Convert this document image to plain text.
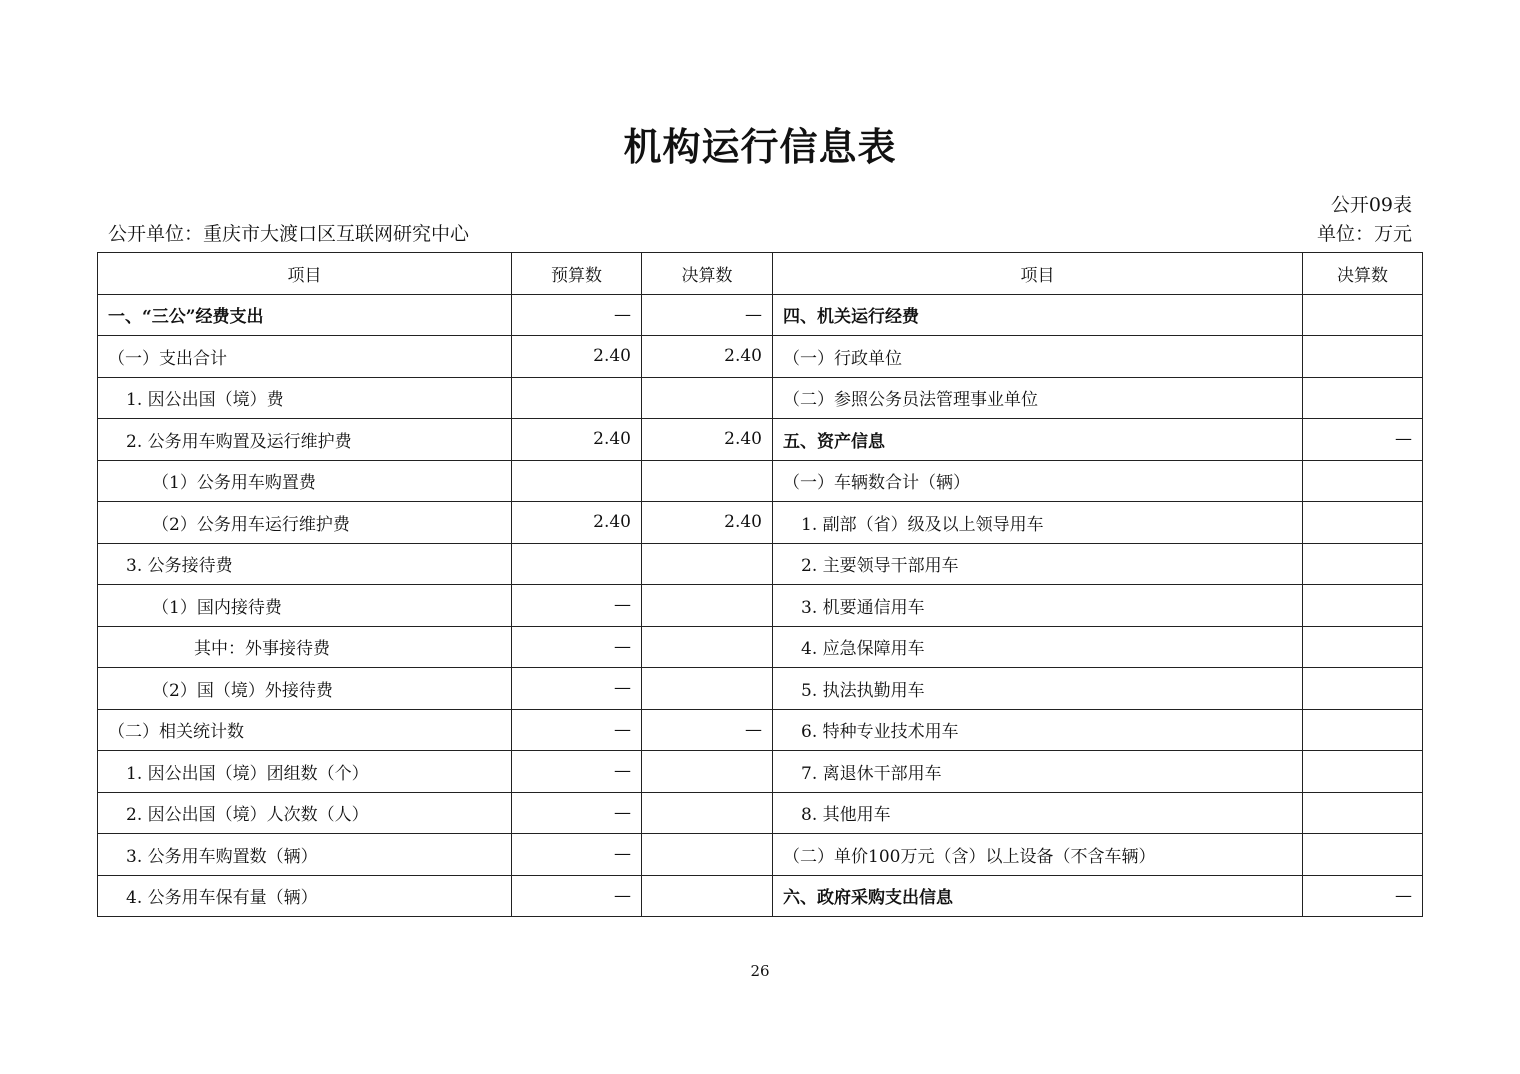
机构运行信息表
公开09表
公开单位：重庆市大渡口区互联网研究中心	单位：万元
项目	预算数	决算数	项目	决算数
一、“三公”经费支出	—	—	四、机关运行经费	
（一）支出合计	2.40	2.40	（一）行政单位	
1. 因公出国（境）费			（二）参照公务员法管理事业单位	
2. 公务用车购置及运行维护费	2.40	2.40	五、资产信息	—
（1）公务用车购置费			（一）车辆数合计（辆）	
（2）公务用车运行维护费	2.40	2.40	1. 副部（省）级及以上领导用车	
3. 公务接待费			2. 主要领导干部用车	
（1）国内接待费	—		3. 机要通信用车	
其中：外事接待费	—		4. 应急保障用车	
（2）国（境）外接待费	—		5. 执法执勤用车	
（二）相关统计数	—	—	6. 特种专业技术用车	
1. 因公出国（境）团组数（个）	—		7. 离退休干部用车	
2. 因公出国（境）人次数（人）	—		8. 其他用车	
3. 公务用车购置数（辆）	—		（二）单价100万元（含）以上设备（不含车辆）	
4. 公务用车保有量（辆）	—		六、政府采购支出信息	—
26
